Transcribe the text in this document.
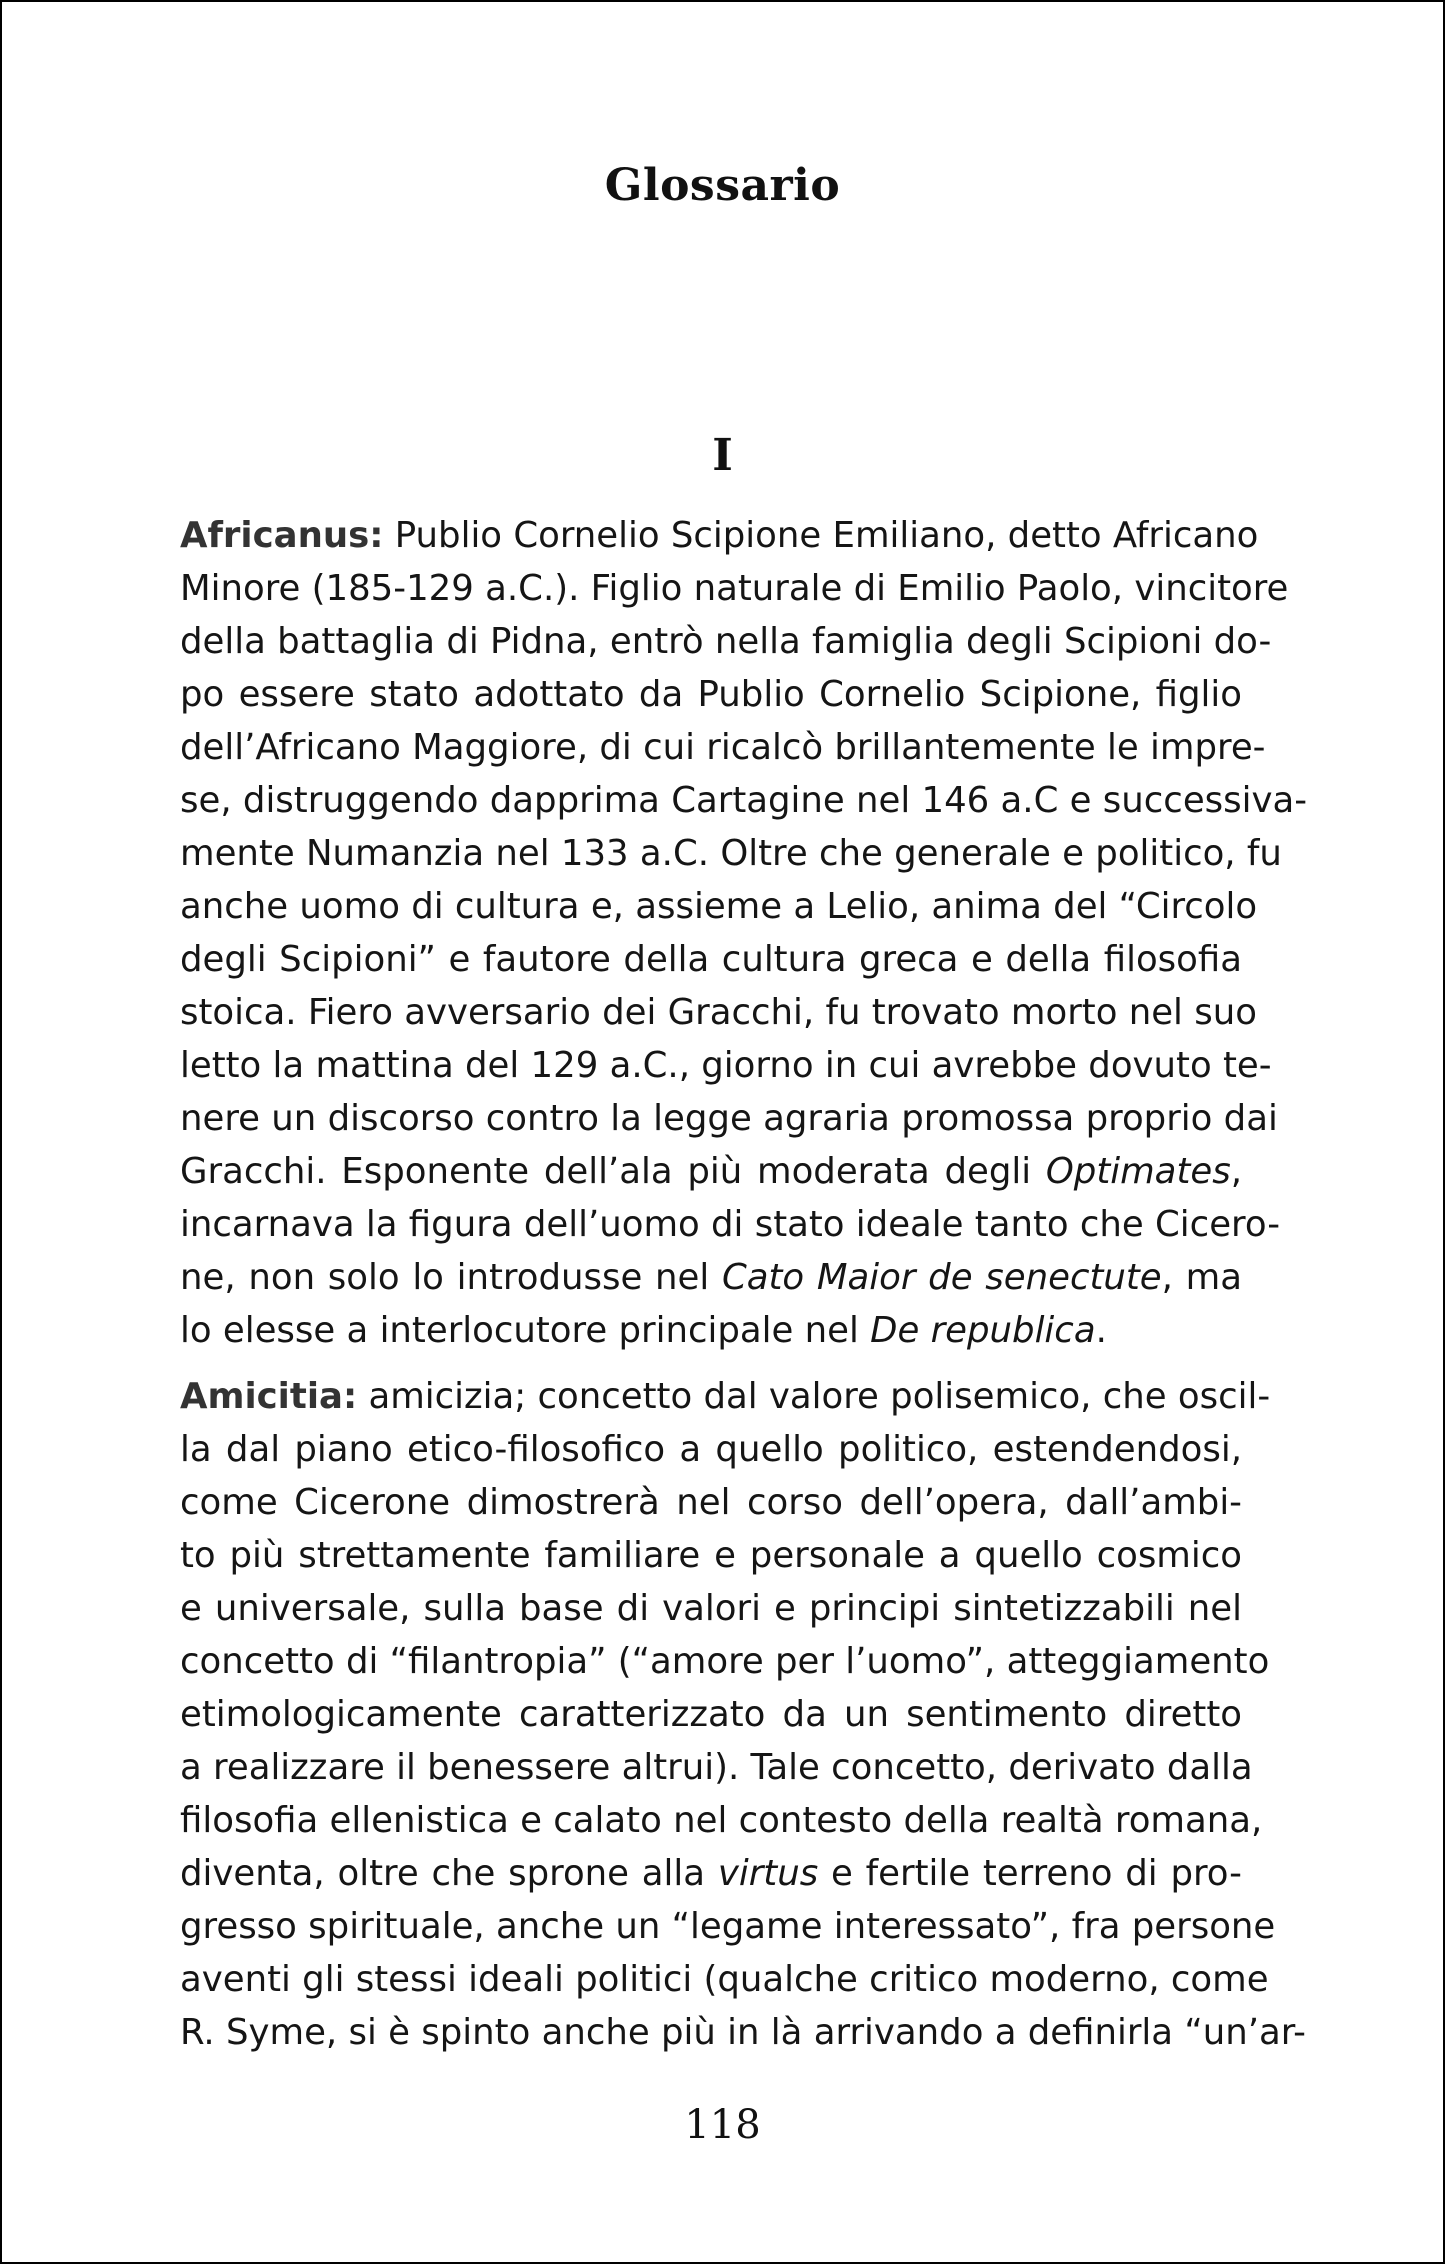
Glossario
I
Africanus: Publio Cornelio Scipione Emiliano, detto Africano
Minore (185-129 a.C.). Figlio naturale di Emilio Paolo, vincitore
della battaglia di Pidna, entrò nella famiglia degli Scipioni do-
po essere stato adottato da Publio Cornelio Scipione, figlio
dell’Africano Maggiore, di cui ricalcò brillantemente le impre-
se, distruggendo dapprima Cartagine nel 146 a.C e successiva-
mente Numanzia nel 133 a.C. Oltre che generale e politico, fu
anche uomo di cultura e, assieme a Lelio, anima del “Circolo
degli Scipioni” e fautore della cultura greca e della filosofia
stoica. Fiero avversario dei Gracchi, fu trovato morto nel suo
letto la mattina del 129 a.C., giorno in cui avrebbe dovuto te-
nere un discorso contro la legge agraria promossa proprio dai
Gracchi. Esponente dell’ala più moderata degli Optimates,
incarnava la figura dell’uomo di stato ideale tanto che Cicero-
ne, non solo lo introdusse nel Cato Maior de senectute, ma
lo elesse a interlocutore principale nel De republica.
Amicitia: amicizia; concetto dal valore polisemico, che oscil-
la dal piano etico-filosofico a quello politico, estendendosi,
come Cicerone dimostrerà nel corso dell’opera, dall’ambi-
to più strettamente familiare e personale a quello cosmico
e universale, sulla base di valori e principi sintetizzabili nel
concetto di “filantropia” (“amore per l’uomo”, atteggiamento
etimologicamente caratterizzato da un sentimento diretto
a realizzare il benessere altrui). Tale concetto, derivato dalla
filosofia ellenistica e calato nel contesto della realtà romana,
diventa, oltre che sprone alla virtus e fertile terreno di pro-
gresso spirituale, anche un “legame interessato”, fra persone
aventi gli stessi ideali politici (qualche critico moderno, come
R. Syme, si è spinto anche più in là arrivando a definirla “un’ar-
118
